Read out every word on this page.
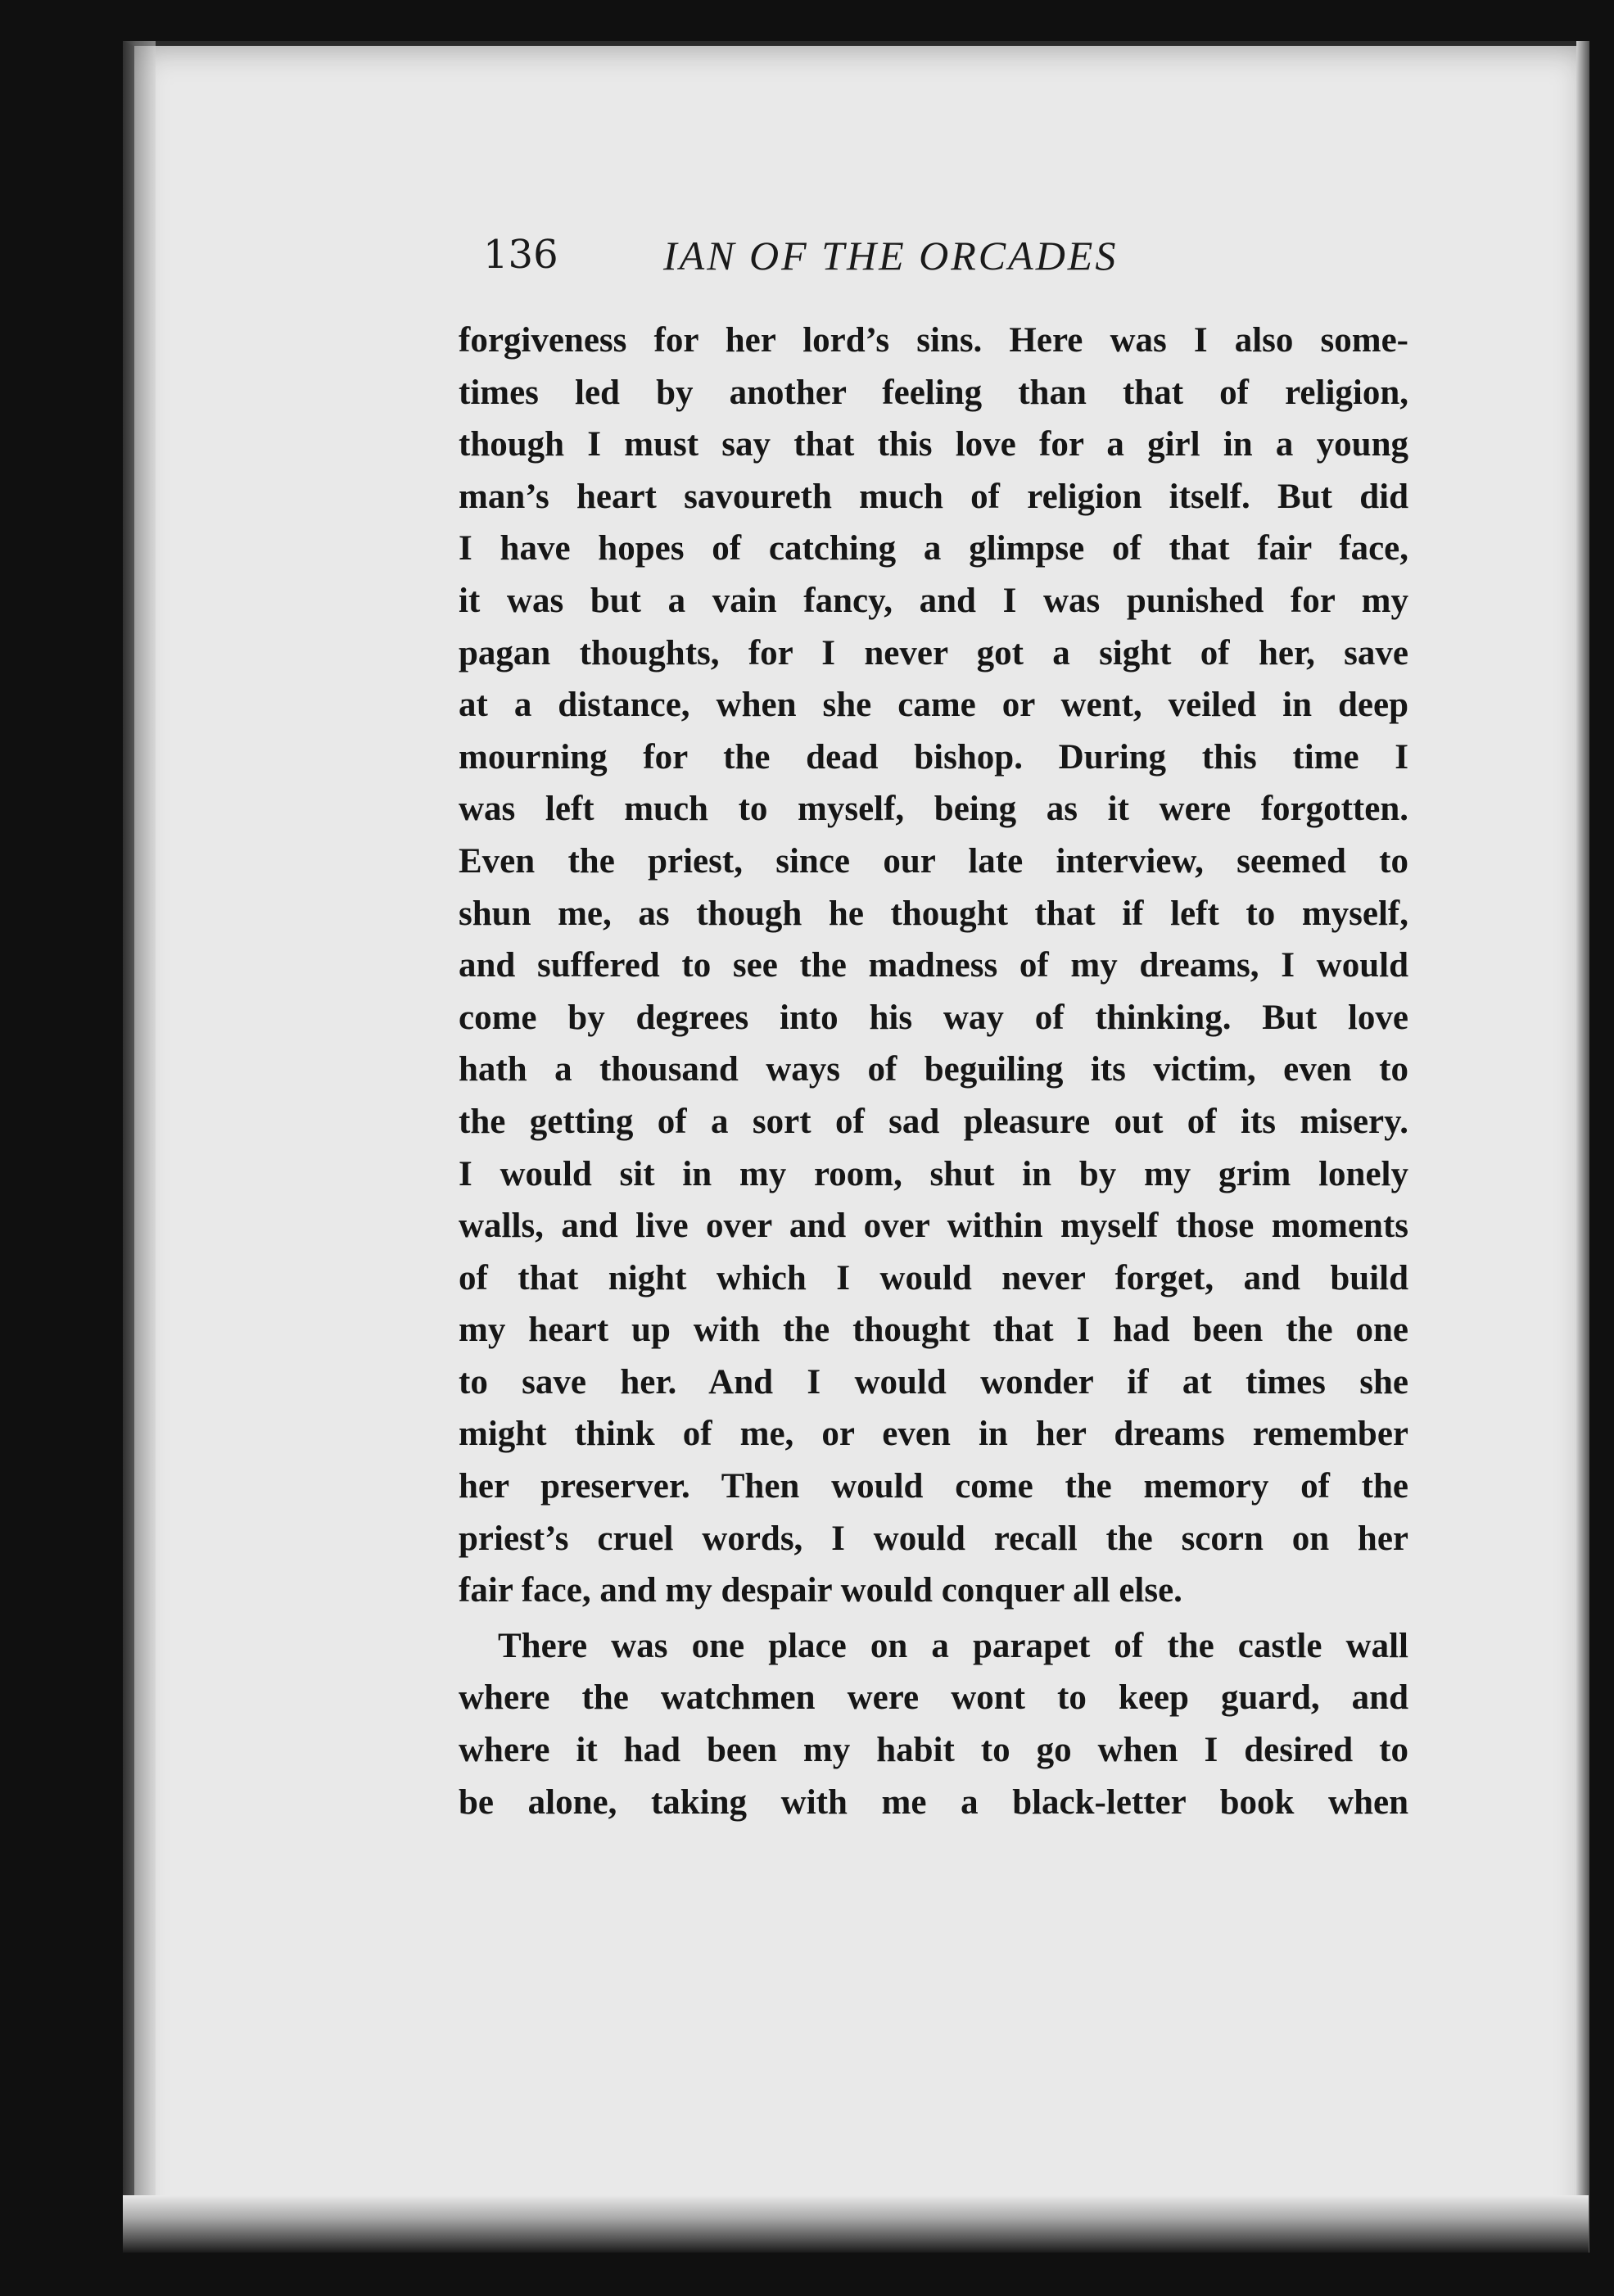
136	IAN OF THE ORCADES
forgiveness for her lord’s sins. Here was I also some-
times led by another feeling than that of religion,
though I must say that this love for a girl in a young
man’s heart savoureth much of religion itself. But did
I have hopes of catching a glimpse of that fair face,
it was but a vain fancy, and I was punished for my
pagan thoughts, for I never got a sight of her, save
at a distance, when she came or went, veiled in deep
mourning for the dead bishop. During this time I
was left much to myself, being as it were forgotten.
Even the priest, since our late interview, seemed to
shun me, as though he thought that if left to myself,
and suffered to see the madness of my dreams, I would
come by degrees into his way of thinking. But love
hath a thousand ways of beguiling its victim, even to
the getting of a sort of sad pleasure out of its misery.
I would sit in my room, shut in by my grim lonely
walls, and live over and over within myself those moments
of that night which I would never forget, and build
my heart up with the thought that I had been the one
to save her. And I would wonder if at times she
might think of me, or even in her dreams remember
her preserver. Then would come the memory of the
priest’s cruel words, I would recall the scorn on her
fair face, and my despair would conquer all else.
There was one place on a parapet of the castle wall
where the watchmen were wont to keep guard, and
where it had been my habit to go when I desired to
be alone, taking with me a black-letter book when
